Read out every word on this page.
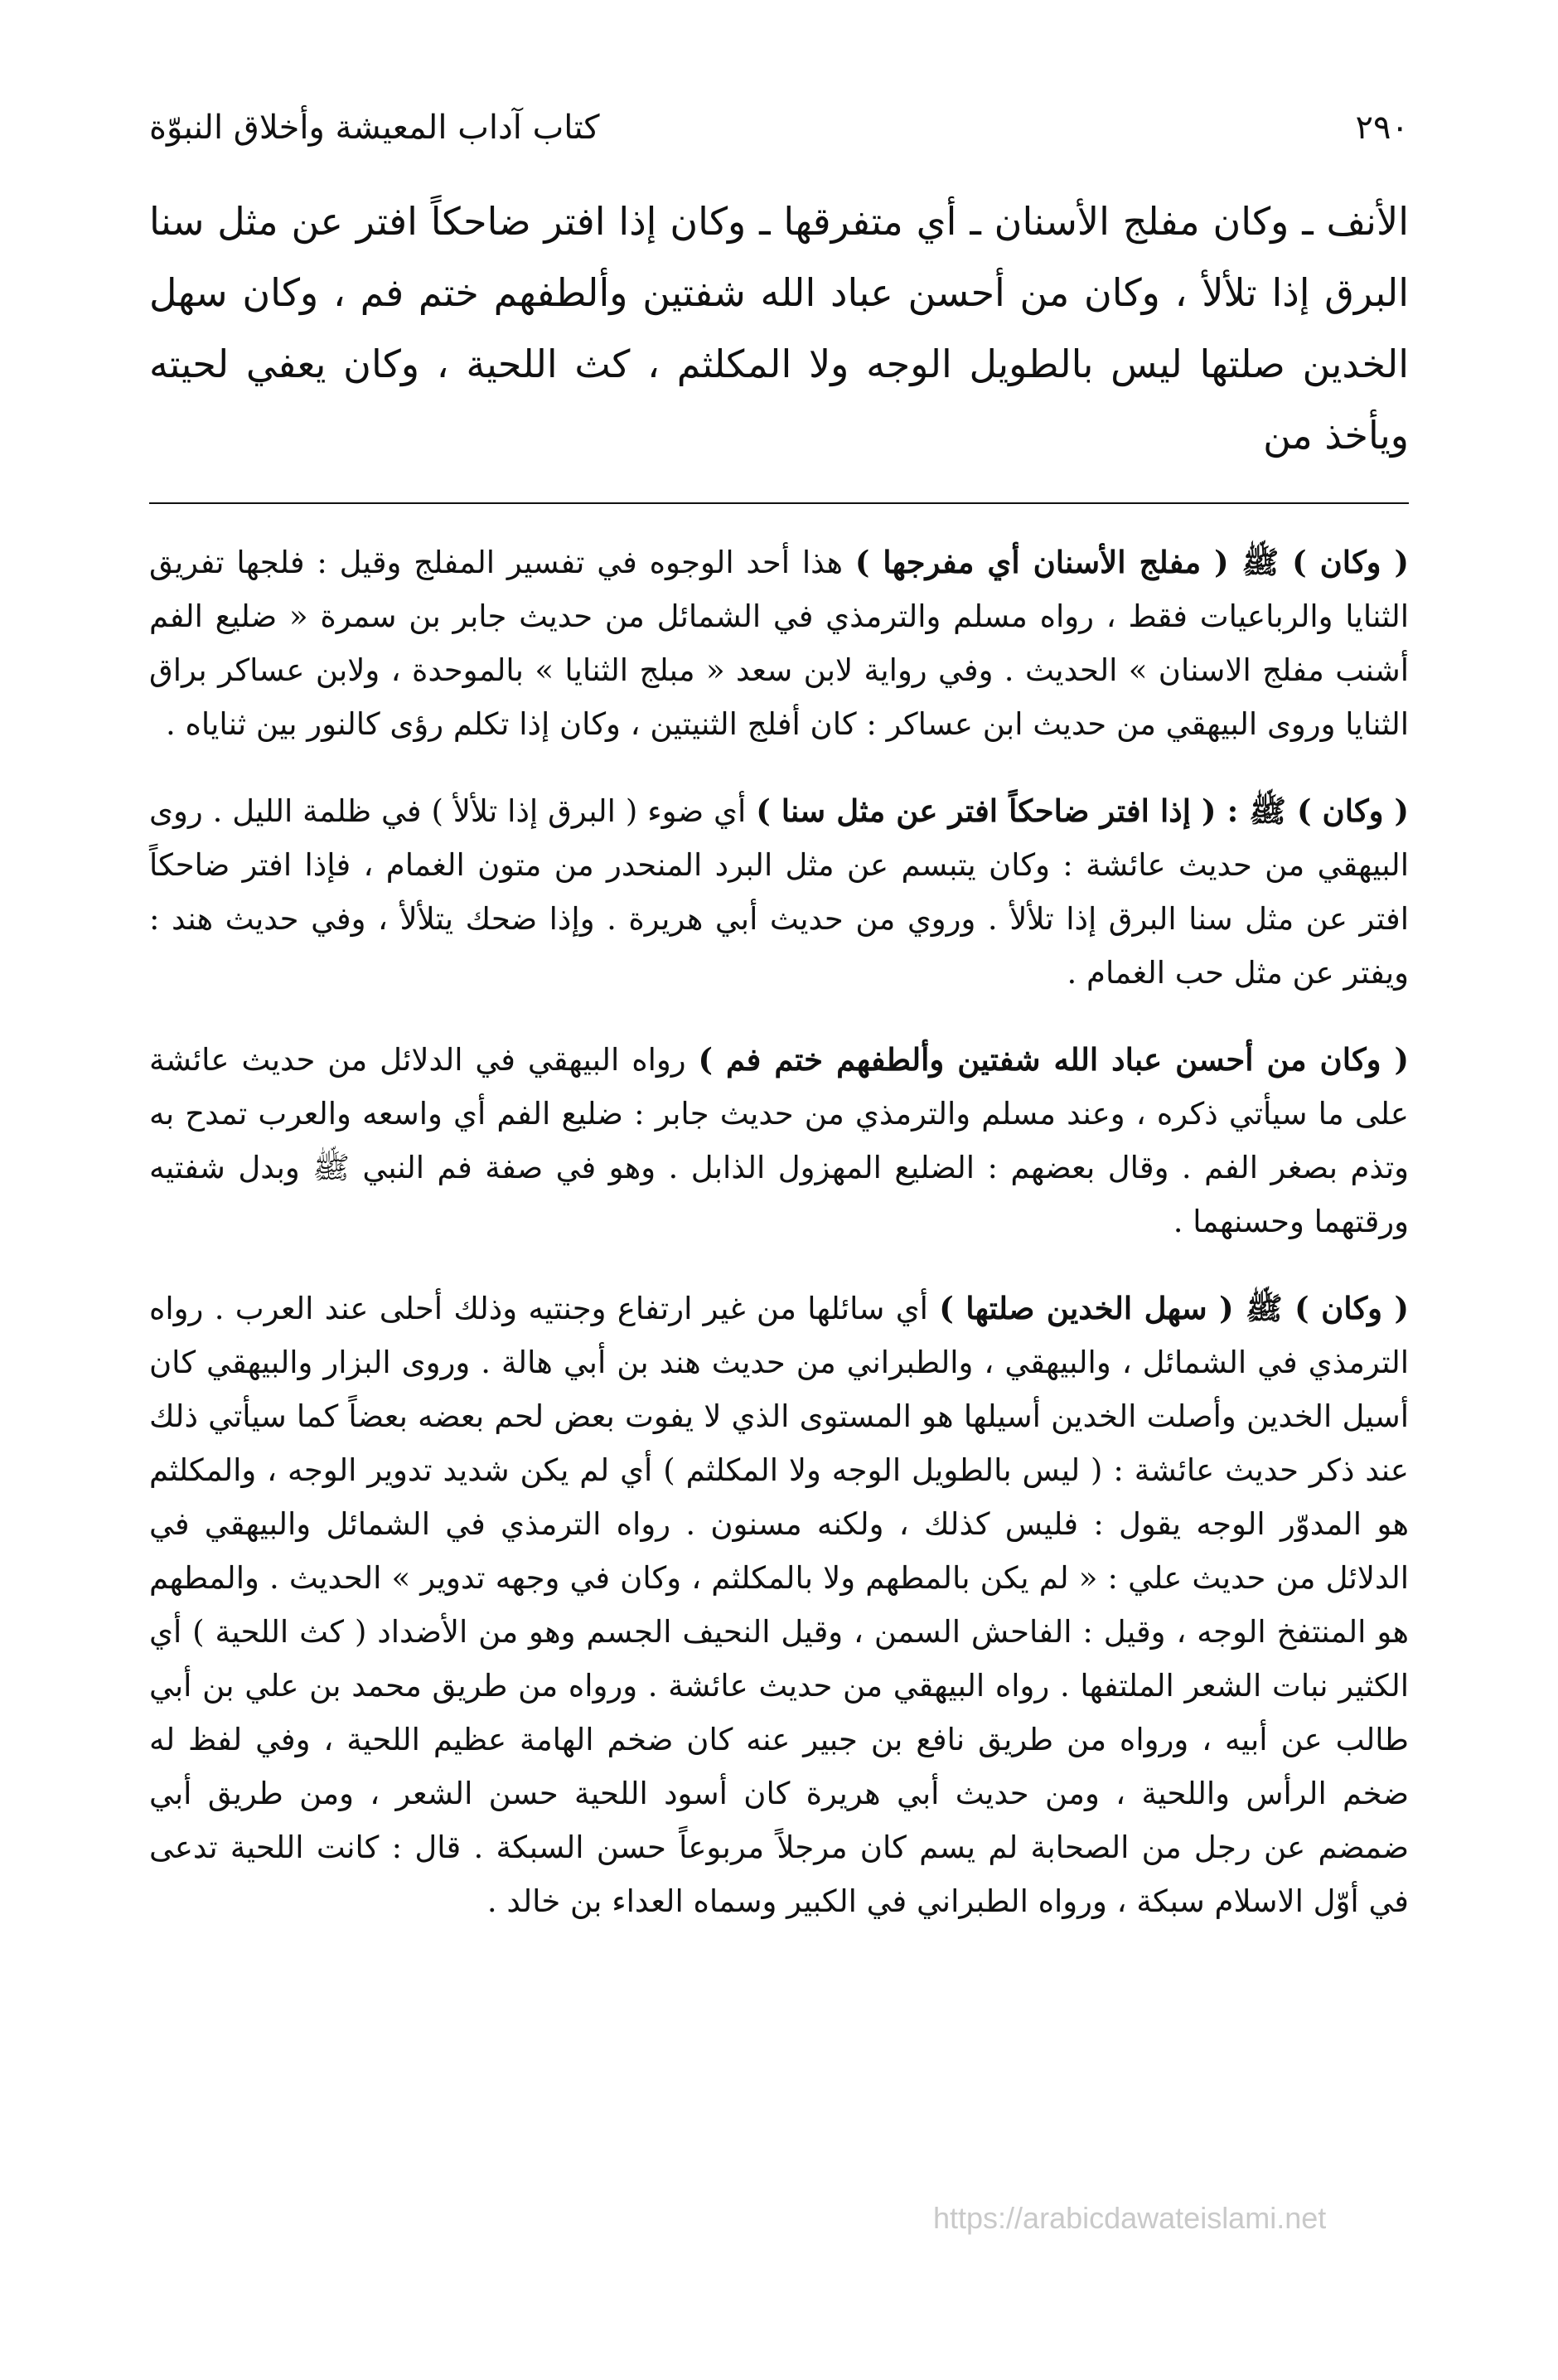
٢٩٠
كتاب آداب المعيشة وأخلاق النبوّة

الأنف ـ وكان مفلج الأسنان ـ أي متفرقها ـ وكان إذا افتر ضاحكاً افتر عن مثل سنا البرق إذا تلألأ ، وكان من أحسن عباد الله شفتين وألطفهم ختم فم ، وكان سهل الخدين صلتها ليس بالطويل الوجه ولا المكلثم ، كث اللحية ، وكان يعفي لحيته ويأخذ من

( وكان ) ﷺ ( مفلج الأسنان أي مفرجها ) هذا أحد الوجوه في تفسير المفلج وقيل : فلجها تفريق الثنايا والرباعيات فقط ، رواه مسلم والترمذي في الشمائل من حديث جابر بن سمرة « ضليع الفم أشنب مفلج الاسنان » الحديث . وفي رواية لابن سعد « مبلج الثنايا » بالموحدة ، ولابن عساكر براق الثنايا وروى البيهقي من حديث ابن عساكر : كان أفلج الثنيتين ، وكان إذا تكلم رؤى كالنور بين ثناياه .

( وكان ) ﷺ : ( إذا افتر ضاحكاً افتر عن مثل سنا ) أي ضوء ( البرق إذا تلألأ ) في ظلمة الليل . روى البيهقي من حديث عائشة : وكان يتبسم عن مثل البرد المنحدر من متون الغمام ، فإذا افتر ضاحكاً افتر عن مثل سنا البرق إذا تلألأ . وروي من حديث أبي هريرة . وإذا ضحك يتلألأ ، وفي حديث هند : ويفتر عن مثل حب الغمام .

( وكان من أحسن عباد الله شفتين وألطفهم ختم فم ) رواه البيهقي في الدلائل من حديث عائشة على ما سيأتي ذكره ، وعند مسلم والترمذي من حديث جابر : ضليع الفم أي واسعه والعرب تمدح به وتذم بصغر الفم . وقال بعضهم : الضليع المهزول الذابل . وهو في صفة فم النبي ﷺ وبدل شفتيه ورقتهما وحسنهما .

( وكان ) ﷺ ( سهل الخدين صلتها ) أي سائلها من غير ارتفاع وجنتيه وذلك أحلى عند العرب . رواه الترمذي في الشمائل ، والبيهقي ، والطبراني من حديث هند بن أبي هالة . وروى البزار والبيهقي كان أسيل الخدين وأصلت الخدين أسيلها هو المستوى الذي لا يفوت بعض لحم بعضه بعضاً كما سيأتي ذلك عند ذكر حديث عائشة : ( ليس بالطويل الوجه ولا المكلثم ) أي لم يكن شديد تدوير الوجه ، والمكلثم هو المدوّر الوجه يقول : فليس كذلك ، ولكنه مسنون . رواه الترمذي في الشمائل والبيهقي في الدلائل من حديث علي : « لم يكن بالمطهم ولا بالمكلثم ، وكان في وجهه تدوير » الحديث . والمطهم هو المنتفخ الوجه ، وقيل : الفاحش السمن ، وقيل النحيف الجسم وهو من الأضداد ( كث اللحية ) أي الكثير نبات الشعر الملتفها . رواه البيهقي من حديث عائشة . ورواه من طريق محمد بن علي بن أبي طالب عن أبيه ، ورواه من طريق نافع بن جبير عنه كان ضخم الهامة عظيم اللحية ، وفي لفظ له ضخم الرأس واللحية ، ومن حديث أبي هريرة كان أسود اللحية حسن الشعر ، ومن طريق أبي ضمضم عن رجل من الصحابة لم يسم كان مرجلاً مربوعاً حسن السبكة . قال : كانت اللحية تدعى في أوّل الاسلام سبكة ، ورواه الطبراني في الكبير وسماه العداء بن خالد .

https://arabicdawateislami.net
